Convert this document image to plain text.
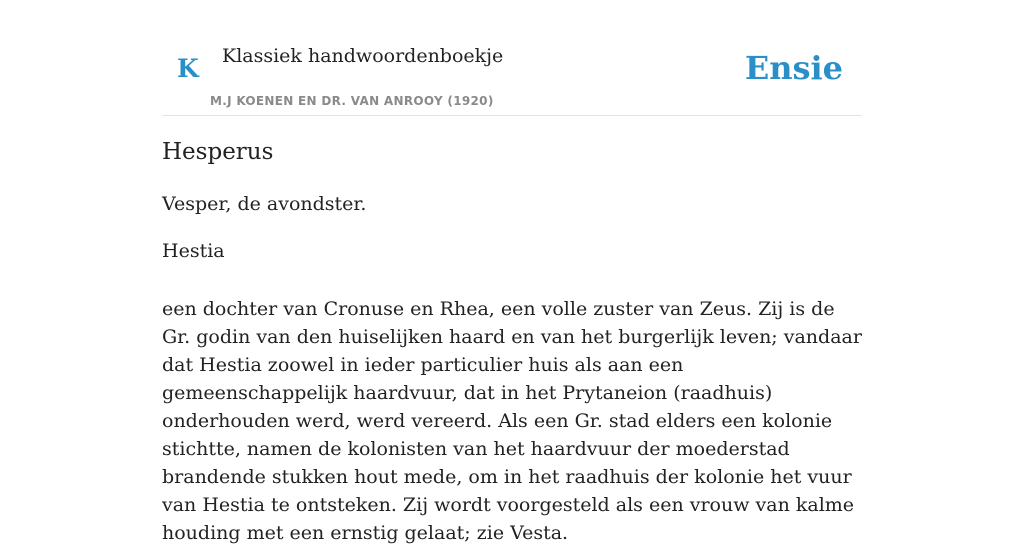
K Klassiek handwoordenboekje
M.J KOENEN EN DR. VAN ANROOY (1920)
Ensie
Hesperus
Vesper, de avondster.
Hestia

een dochter van Cronuse en Rhea, een volle zuster van Zeus. Zij is de Gr. godin van den huiselijken haard en van het burgerlijk leven; vandaar dat Hestia zoowel in ieder particulier huis als aan een gemeenschappelijk haardvuur, dat in het Prytaneion (raadhuis) onderhouden werd, werd vereerd. Als een Gr. stad elders een kolonie stichtte, namen de kolonisten van het haardvuur der moederstad brandende stukken hout mede, om in het raadhuis der kolonie het vuur van Hestia te ontsteken. Zij wordt voorgesteld als een vrouw van kalme houding met een ernstig gelaat; zie Vesta.
